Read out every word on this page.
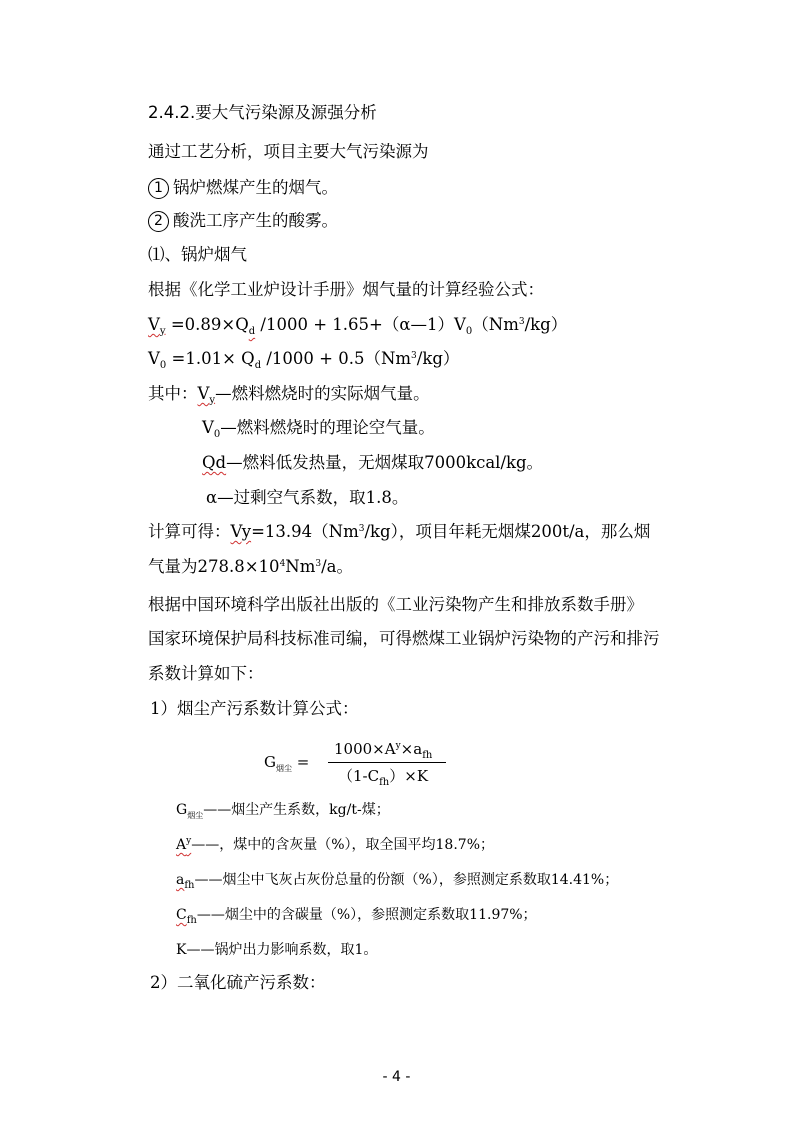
2.4.2.要大气污染源及源强分析
通过工艺分析，项目主要大气污染源为
1 锅炉燃煤产生的烟气。
2 酸洗工序产生的酸雾。
⑴、锅炉烟气
根据《化学工业炉设计手册》烟气量的计算经验公式：
$V_y =0.89\times Q_d$ $/1000 + 1.65+(\alpha—1)V_0(Nm^3/kg)$
$V_0 =1.01\times Q_d$ $/1000 + 0.5(Nm^3/kg)$
其中：$V_y—$燃料燃烧时的实际烟气量。
$V_0—$燃料燃烧时的理论空气量。
Qd—燃料低发热量，无烟煤取7000kcal/kg。
α—过剩空气系数，取1.8。
计算可得：$Vy=13.94(Nm^3/kg)$，项目年耗无烟煤200t/a，那么烟
气量为$278.8\times 10^4Nm^3/a$。
根据中国环境科学出版社出版的《工业污染物产生和排放系数手册》
国家环境保护局科技标准司编，可得燃煤工业锅炉污染物的产污和排污
系数计算如下：
1）烟尘产污系数计算公式：
$G_{烟尘}$ =
$1000\times A^y\times a_{fh}$
$(1-C_{fh})\times K$
$G_{烟尘}——$烟尘产生系数，kg/t-煤；
$A^y——$，煤中的含灰量（%），取全国平均18.7%；
$a_{fh}——$烟尘中飞灰占灰份总量的份额（%），参照测定系数取14.41%；
$C_{fh}——$烟尘中的含碳量（%），参照测定系数取11.97%；
K——锅炉出力影响系数，取1。
2）二氧化硫产污系数：
- 4 -
